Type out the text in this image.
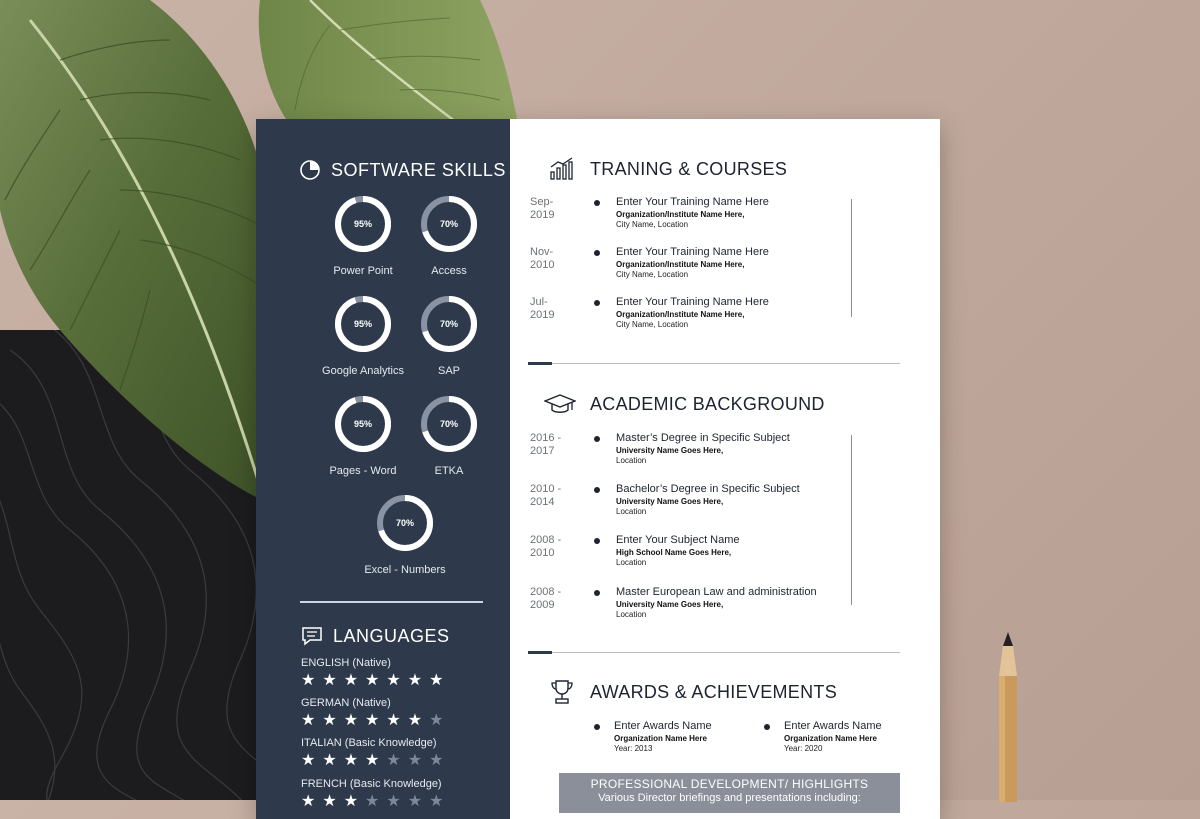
SOFTWARE SKILLS
95%
Power Point
70%
Access
95%
Google Analytics
70%
SAP
95%
Pages - Word
70%
ETKA
70%
Excel - Numbers
LANGUAGES
ENGLISH (Native)
★ ★ ★ ★ ★ ★ ★
GERMAN (Native)
★ ★ ★ ★ ★ ★ ★
ITALIAN (Basic Knowledge)
★ ★ ★ ★ ★ ★ ★
FRENCH (Basic Knowledge)
★ ★ ★ ★ ★ ★ ★
TRANING & COURSES
Sep-
2019
Enter Your Training Name Here
Organization/Institute Name Here,
City Name, Location
Nov-
2010
Enter Your Training Name Here
Organization/Institute Name Here,
City Name, Location
Jul-
2019
Enter Your Training Name Here
Organization/Institute Name Here,
City Name, Location
ACADEMIC BACKGROUND
2016 -
2017
Master’s Degree in Specific Subject
University Name Goes Here,
Location
2010 -
2014
Bachelor’s Degree in Specific Subject
University Name Goes Here,
Location
2008 -
2010
Enter Your Subject Name
High School Name Goes Here,
Location
2008 -
2009
Master European Law and administration
University Name Goes Here,
Location
AWARDS & ACHIEVEMENTS
Enter Awards Name
Organization Name Here
Year: 2013
Enter Awards Name
Organization Name Here
Year: 2020
PROFESSIONAL DEVELOPMENT/ HIGHLIGHTS
Various Director briefings and presentations including:
